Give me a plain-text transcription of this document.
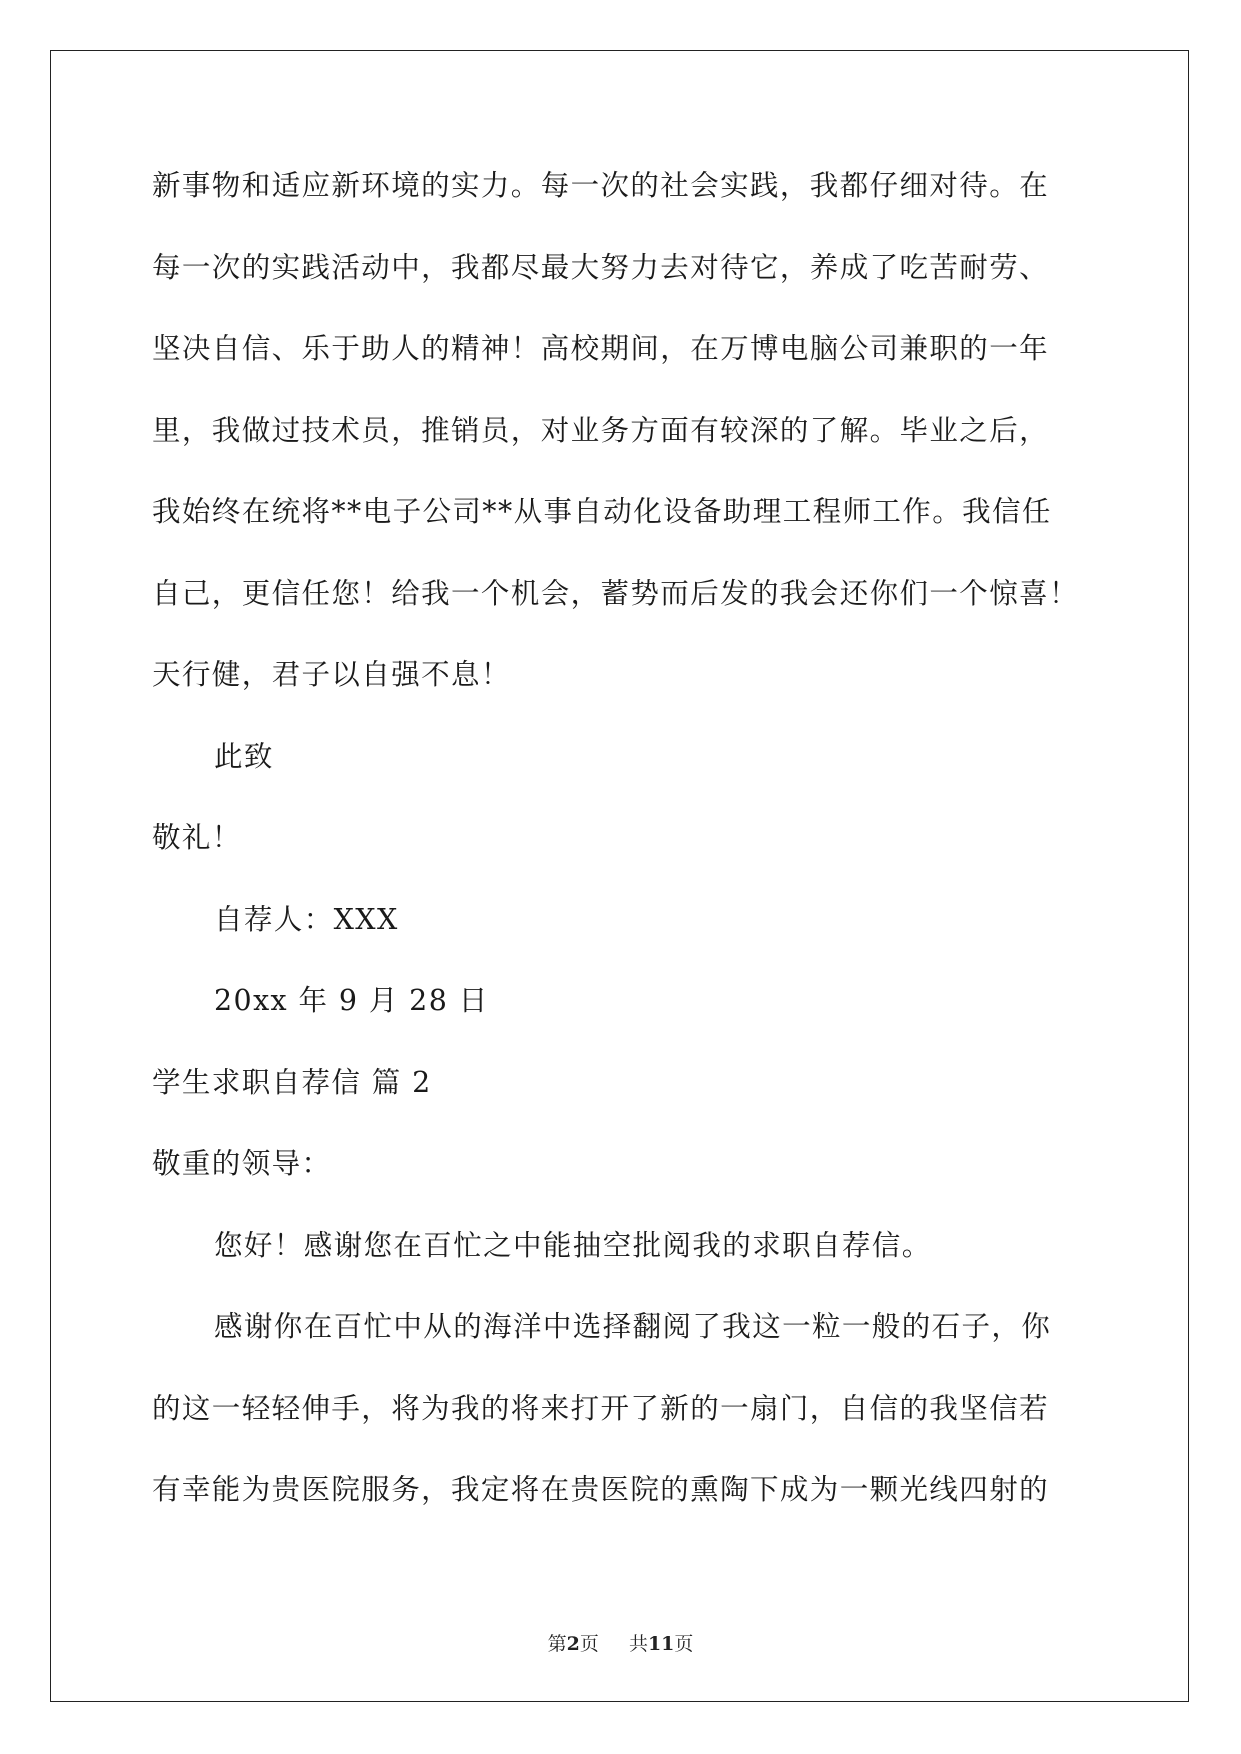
新事物和适应新环境的实力。每一次的社会实践，我都仔细对待。在
每一次的实践活动中，我都尽最大努力去对待它，养成了吃苦耐劳、
坚决自信、乐于助人的精神！高校期间，在万博电脑公司兼职的一年
里，我做过技术员，推销员，对业务方面有较深的了解。毕业之后，
我始终在统将**电子公司**从事自动化设备助理工程师工作。我信任
自己，更信任您！给我一个机会，蓄势而后发的我会还你们一个惊喜！
天行健，君子以自强不息！
此致
敬礼！
自荐人：XXX
20xx 年 9 月 28 日
学生求职自荐信 篇 2
敬重的领导：
您好！感谢您在百忙之中能抽空批阅我的求职自荐信。
感谢你在百忙中从的海洋中选择翻阅了我这一粒一般的石子，你
的这一轻轻伸手，将为我的将来打开了新的一扇门，自信的我坚信若
有幸能为贵医院服务，我定将在贵医院的熏陶下成为一颗光线四射的
第2页 共11页
